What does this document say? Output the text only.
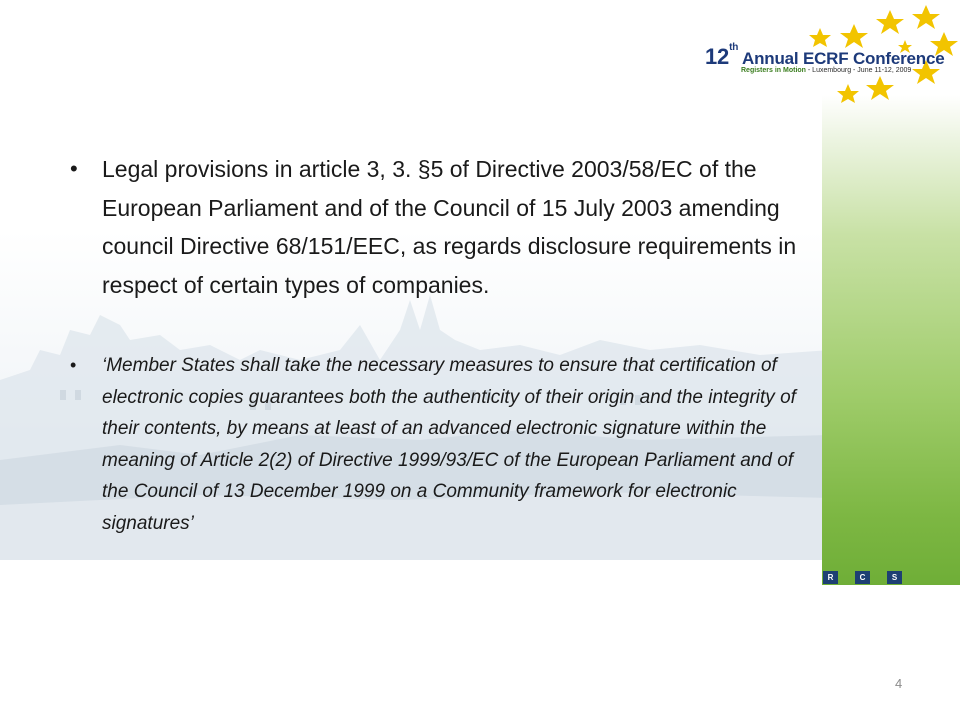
12th Annual ECRF Conference
Registers in Motion - Luxembourg - June 11-12, 2009
R	C	S
• Legal provisions in article 3, 3. §5 of Directive 2003/58/EC of the European Parliament and of the Council of 15 July 2003 amending council Directive 68/151/EEC, as regards disclosure requirements in respect of certain types of companies.
• ‘Member States shall take the necessary measures to ensure that certification of electronic copies guarantees both the authenticity of their origin and the integrity of their contents, by means at least of an advanced electronic signature within the meaning of Article 2(2) of Directive 1999/93/EC of the European Parliament and of the Council of 13 December 1999 on a Community framework for electronic signatures’
4
